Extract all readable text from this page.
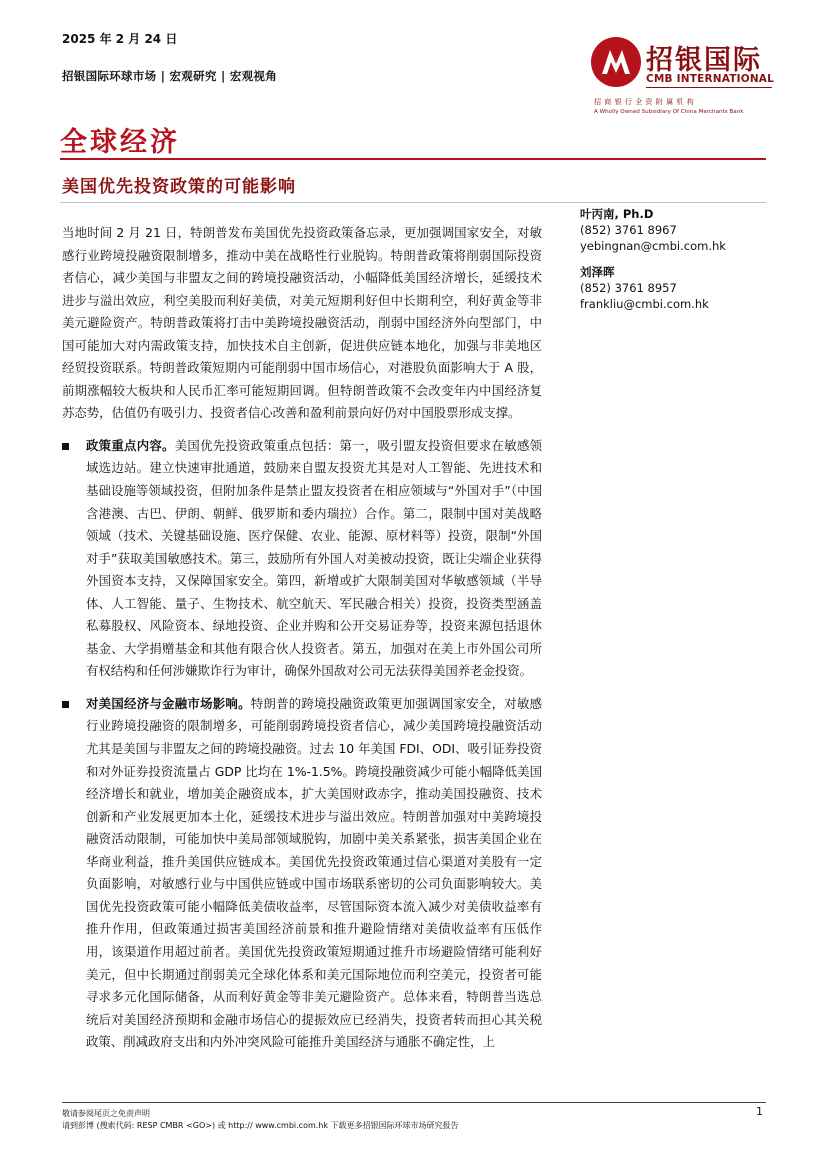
2025 年 2 月 24 日
招银国际环球市场 | 宏观研究 | 宏观视角	招银国际
CMB INTERNATIONAL
招商银行全资附属机构
A Wholly Owned Subsidiary Of China Merchants Bank
全球经济
美国优先投资政策的可能影响

当地时间 2 月 21 日，特朗普发布美国优先投资政策备忘录，更加强调国家安全，对敏感行业跨境投融资限制增多，推动中美在战略性行业脱钩。特朗普政策将削弱国际投资者信心，减少美国与非盟友之间的跨境投融资活动，小幅降低美国经济增长，延缓技术进步与溢出效应，利空美股而利好美债，对美元短期利好但中长期利空，利好黄金等非美元避险资产。特朗普政策将打击中美跨境投融资活动，削弱中国经济外向型部门，中国可能加大对内需政策支持，加快技术自主创新，促进供应链本地化，加强与非美地区经贸投资联系。特朗普政策短期内可能削弱中国市场信心，对港股负面影响大于 A 股，前期涨幅较大板块和人民币汇率可能短期回调。但特朗普政策不会改变年内中国经济复苏态势，估值仍有吸引力、投资者信心改善和盈利前景向好仍对中国股票形成支撑。

政策重点内容。美国优先投资政策重点包括：第一，吸引盟友投资但要求在敏感领域选边站。建立快速审批通道，鼓励来自盟友投资尤其是对人工智能、先进技术和基础设施等领域投资，但附加条件是禁止盟友投资者在相应领域与“外国对手”（中国含港澳、古巴、伊朗、朝鲜、俄罗斯和委内瑞拉）合作。第二，限制中国对美战略领域（技术、关键基础设施、医疗保健、农业、能源、原材料等）投资，限制“外国对手”获取美国敏感技术。第三，鼓励所有外国人对美被动投资，既让尖端企业获得外国资本支持，又保障国家安全。第四，新增或扩大限制美国对华敏感领域（半导体、人工智能、量子、生物技术、航空航天、军民融合相关）投资，投资类型涵盖私募股权、风险资本、绿地投资、企业并购和公开交易证券等，投资来源包括退休基金、大学捐赠基金和其他有限合伙人投资者。第五，加强对在美上市外国公司所有权结构和任何涉嫌欺诈行为审计，确保外国敌对公司无法获得美国养老金投资。

对美国经济与金融市场影响。特朗普的跨境投融资政策更加强调国家安全，对敏感行业跨境投融资的限制增多，可能削弱跨境投资者信心，减少美国跨境投融资活动尤其是美国与非盟友之间的跨境投融资。过去 10 年美国 FDI、ODI、吸引证券投资和对外证券投资流量占 GDP 比均在 1%-1.5%。跨境投融资减少可能小幅降低美国经济增长和就业，增加美企融资成本，扩大美国财政赤字，推动美国投融资、技术创新和产业发展更加本土化，延缓技术进步与溢出效应。特朗普加强对中美跨境投融资活动限制，可能加快中美局部领域脱钩，加剧中美关系紧张，损害美国企业在华商业利益，推升美国供应链成本。美国优先投资政策通过信心渠道对美股有一定负面影响，对敏感行业与中国供应链或中国市场联系密切的公司负面影响较大。美国优先投资政策可能小幅降低美债收益率，尽管国际资本流入减少对美债收益率有推升作用，但政策通过损害美国经济前景和推升避险情绪对美债收益率有压低作用，该渠道作用超过前者。美国优先投资政策短期通过推升市场避险情绪可能利好美元，但中长期通过削弱美元全球化体系和美元国际地位而利空美元，投资者可能寻求多元化国际储备，从而利好黄金等非美元避险资产。总体来看，特朗普当选总统后对美国经济预期和金融市场信心的提振效应已经消失，投资者转而担心其关税政策、削减政府支出和内外冲突风险可能推升美国经济与通胀不确定性，上

叶丙南, Ph.D
(852) 3761 8967
yebingnan@cmbi.com.hk
刘泽晖
(852) 3761 8957
frankliu@cmbi.com.hk
敬请参阅尾页之免责声明	1
请到彭博 (搜索代码: RESP CMBR <GO>) 或 http:// www.cmbi.com.hk 下载更多招银国际环球市场研究报告
